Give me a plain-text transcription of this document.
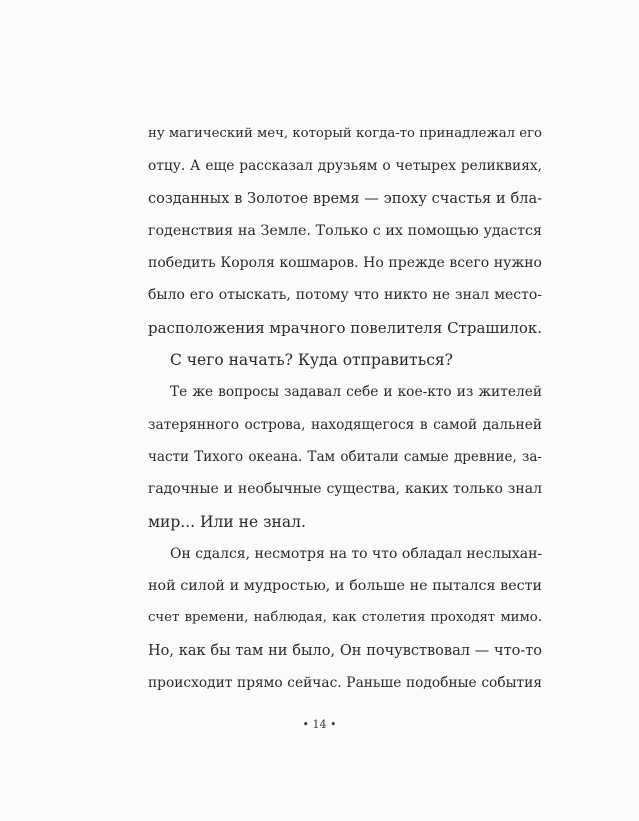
ну магический меч, который когда-то принадлежал его
отцу. А еще рассказал друзьям о четырех реликвиях,
созданных в Золотое время — эпоху счастья и бла-
годенствия на Земле. Только с их помощью удастся
победить Короля кошмаров. Но прежде всего нужно
было его отыскать, потому что никто не знал место-
расположения мрачного повелителя Страшилок.
С чего начать? Куда отправиться?
Те же вопросы задавал себе и кое-кто из жителей
затерянного острова, находящегося в самой дальней
части Тихого океана. Там обитали самые древние, за-
гадочные и необычные существа, каких только знал
мир... Или не знал.
Он сдался, несмотря на то что обладал неслыхан-
ной силой и мудростью, и больше не пытался вести
счет времени, наблюдая, как столетия проходят мимо.
Но, как бы там ни было, Он почувствовал — что-то
происходит прямо сейчас. Раньше подобные события
• 14 •
